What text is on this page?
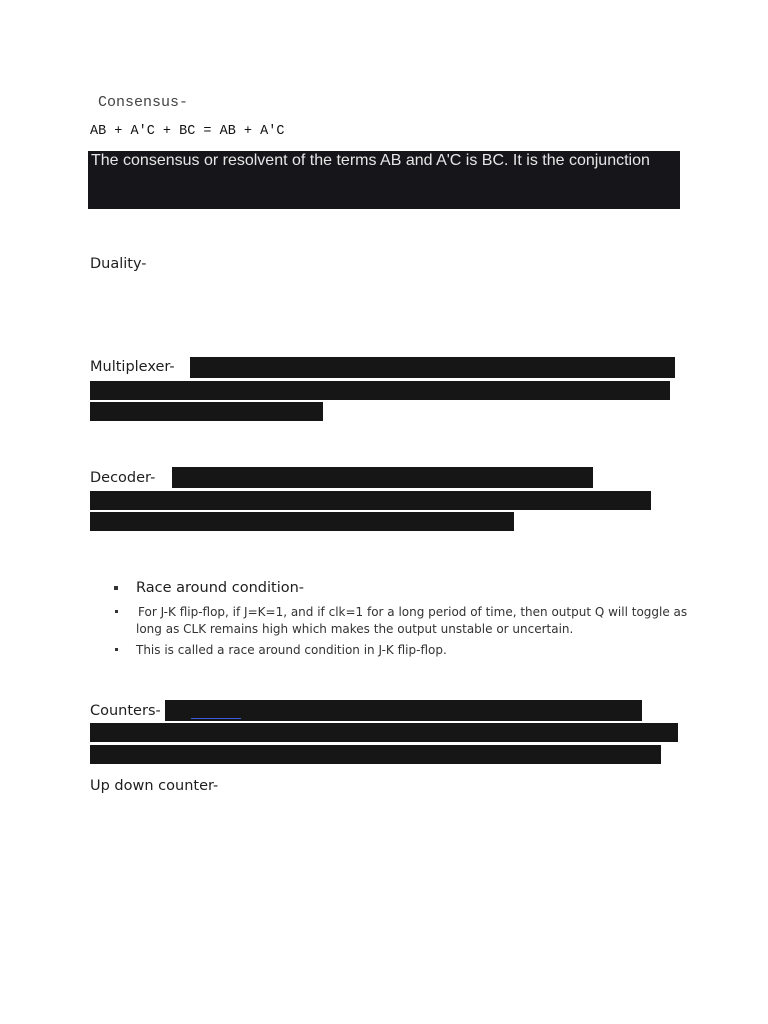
Consensus-
AB + A'C + BC = AB + A'C
The consensus or resolvent of the terms AB and A'C is BC. It is the conjunction
Duality-
Multiplexer-
Decoder-
Race around condition-
For J-K flip-flop, if J=K=1, and if clk=1 for a long period of time, then output Q will toggle as
long as CLK remains high which makes the output unstable or uncertain.
This is called a race around condition in J-K flip-flop.
Counters-
Up down counter-
